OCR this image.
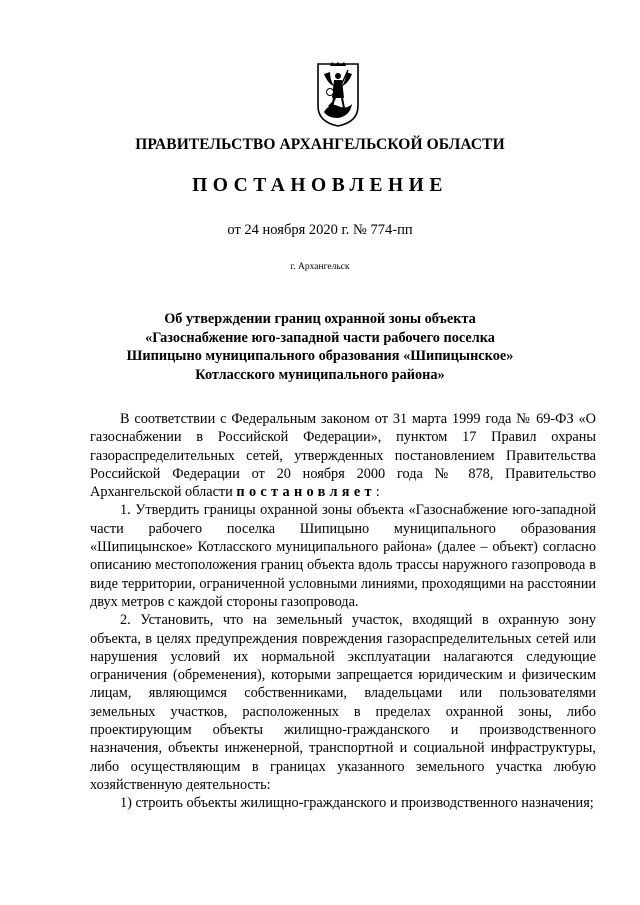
ПРАВИТЕЛЬСТВО АРХАНГЕЛЬСКОЙ ОБЛАСТИ
ПОСТАНОВЛЕНИЕ
от 24 ноября 2020 г. № 774-пп
г. Архангельск
Об утверждении границ охранной зоны объекта
«Газоснабжение юго-западной части рабочего поселка
Шипицыно муниципального образования «Шипицынское»
Котласского муниципального района»

В соответствии с Федеральным законом от 31 марта 1999 года № 69-ФЗ «О газоснабжении в Российской Федерации», пунктом 17 Правил охраны газораспределительных сетей, утвержденных постановлением Правительства Российской Федерации от 20 ноября 2000 года № 878, Правительство Архангельской области постановляет:

1. Утвердить границы охранной зоны объекта «Газоснабжение юго-западной части рабочего поселка Шипицыно муниципального образования «Шипицынское» Котласского муниципального района» (далее – объект) согласно описанию местоположения границ объекта вдоль трассы наружного газопровода в виде территории, ограниченной условными линиями, проходящими на расстоянии двух метров с каждой стороны газопровода.

2. Установить, что на земельный участок, входящий в охранную зону объекта, в целях предупреждения повреждения газораспределительных сетей или нарушения условий их нормальной эксплуатации налагаются следующие ограничения (обременения), которыми запрещается юридическим и физическим лицам, являющимся собственниками, владельцами или пользователями земельных участков, расположенных в пределах охранной зоны, либо проектирующим объекты жилищно-гражданского и производственного назначения, объекты инженерной, транспортной и социальной инфраструктуры, либо осуществляющим в границах указанного земельного участка любую хозяйственную деятельность:

1) строить объекты жилищно-гражданского и производственного назначения;
